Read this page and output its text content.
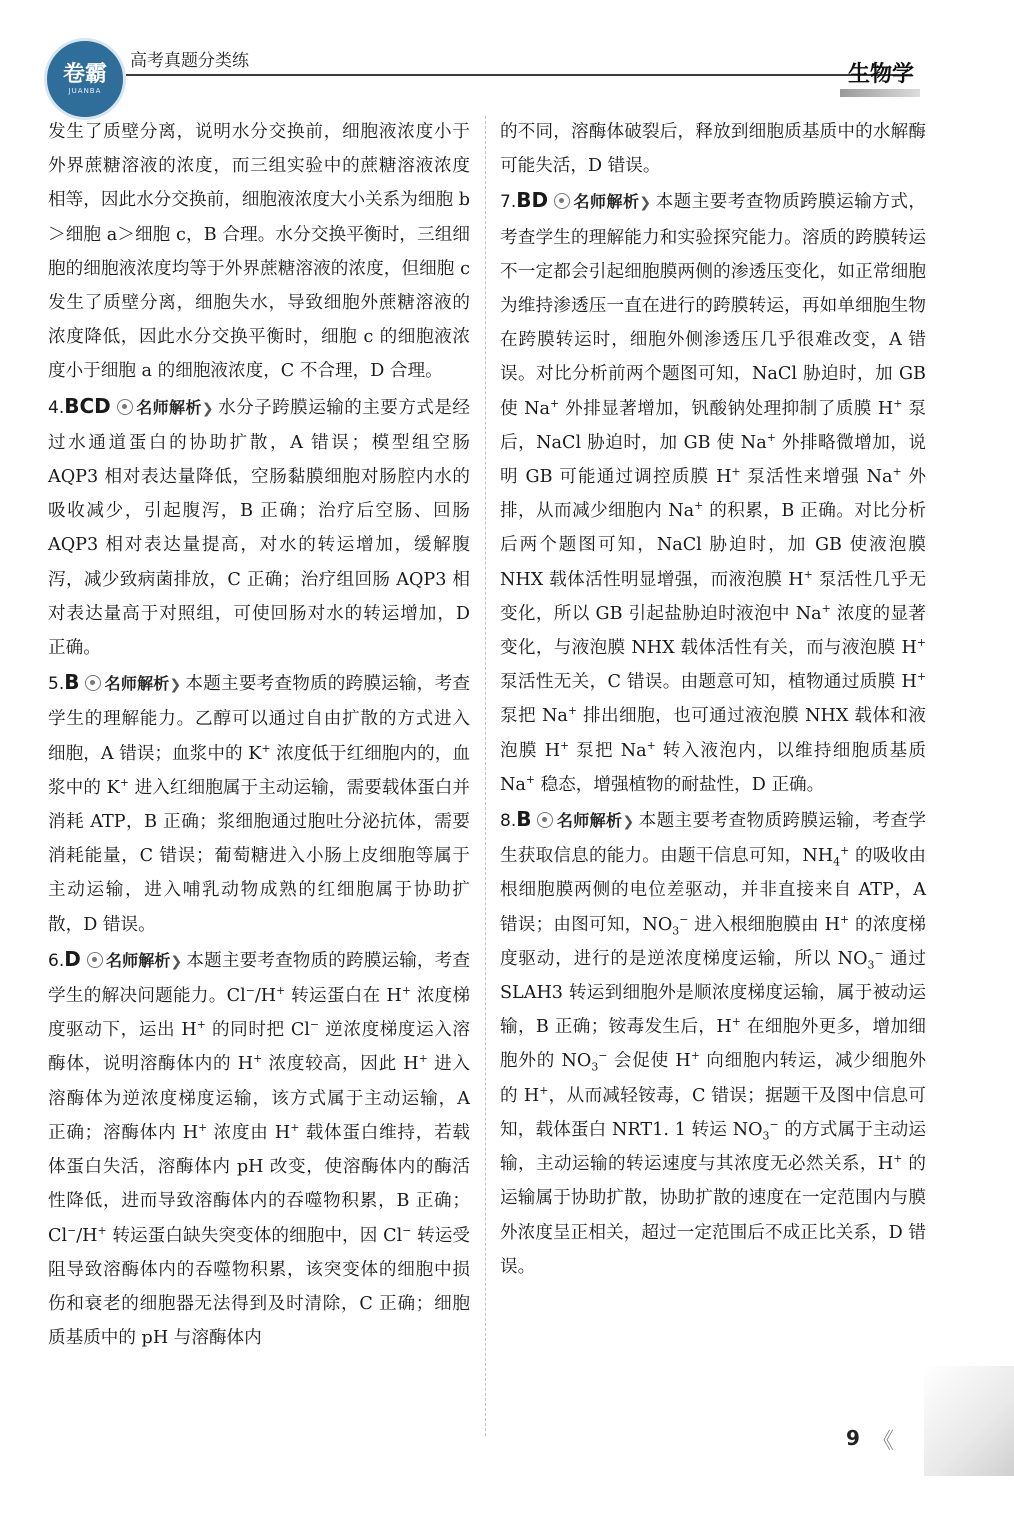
卷霸
JUANBA
高考真题分类练
生物学

发生了质壁分离，说明水分交换前，细胞液浓度小于外界蔗糖溶液的浓度，而三组实验中的蔗糖溶液浓度相等，因此水分交换前，细胞液浓度大小关系为细胞 b＞细胞 a＞细胞 c，B 合理。水分交换平衡时，三组细胞的细胞液浓度均等于外界蔗糖溶液的浓度，但细胞 c 发生了质壁分离，细胞失水，导致细胞外蔗糖溶液的浓度降低，因此水分交换平衡时，细胞 c 的细胞液浓度小于细胞 a 的细胞液浓度，C 不合理，D 合理。

4.BCD 名师解析❯ 水分子跨膜运输的主要方式是经过水通道蛋白的协助扩散，A 错误；模型组空肠 AQP3 相对表达量降低，空肠黏膜细胞对肠腔内水的吸收减少，引起腹泻，B 正确；治疗后空肠、回肠 AQP3 相对表达量提高，对水的转运增加，缓解腹泻，减少致病菌排放，C 正确；治疗组回肠 AQP3 相对表达量高于对照组，可使回肠对水的转运增加，D 正确。

5.B 名师解析❯ 本题主要考查物质的跨膜运输，考查学生的理解能力。乙醇可以通过自由扩散的方式进入细胞，A 错误；血浆中的 K+ 浓度低于红细胞内的，血浆中的 K+ 进入红细胞属于主动运输，需要载体蛋白并消耗 ATP，B 正确；浆细胞通过胞吐分泌抗体，需要消耗能量，C 错误；葡萄糖进入小肠上皮细胞等属于主动运输，进入哺乳动物成熟的红细胞属于协助扩散，D 错误。

6.D 名师解析❯ 本题主要考查物质的跨膜运输，考查学生的解决问题能力。Cl−/H+ 转运蛋白在 H+ 浓度梯度驱动下，运出 H+ 的同时把 Cl− 逆浓度梯度运入溶酶体，说明溶酶体内的 H+ 浓度较高，因此 H+ 进入溶酶体为逆浓度梯度运输，该方式属于主动运输，A 正确；溶酶体内 H+ 浓度由 H+ 载体蛋白维持，若载体蛋白失活，溶酶体内 pH 改变，使溶酶体内的酶活性降低，进而导致溶酶体内的吞噬物积累，B 正确；Cl−/H+ 转运蛋白缺失突变体的细胞中，因 Cl− 转运受阻导致溶酶体内的吞噬物积累，该突变体的细胞中损伤和衰老的细胞器无法得到及时清除，C 正确；细胞质基质中的 pH 与溶酶体内

的不同，溶酶体破裂后，释放到细胞质基质中的水解酶可能失活，D 错误。

7.BD 名师解析❯ 本题主要考查物质跨膜运输方式，考查学生的理解能力和实验探究能力。溶质的跨膜转运不一定都会引起细胞膜两侧的渗透压变化，如正常细胞为维持渗透压一直在进行的跨膜转运，再如单细胞生物在跨膜转运时，细胞外侧渗透压几乎很难改变，A 错误。对比分析前两个题图可知，NaCl 胁迫时，加 GB 使 Na+ 外排显著增加，钒酸钠处理抑制了质膜 H+ 泵后，NaCl 胁迫时，加 GB 使 Na+ 外排略微增加，说明 GB 可能通过调控质膜 H+ 泵活性来增强 Na+ 外排，从而减少细胞内 Na+ 的积累，B 正确。对比分析后两个题图可知，NaCl 胁迫时，加 GB 使液泡膜 NHX 载体活性明显增强，而液泡膜 H+ 泵活性几乎无变化，所以 GB 引起盐胁迫时液泡中 Na+ 浓度的显著变化，与液泡膜 NHX 载体活性有关，而与液泡膜 H+ 泵活性无关，C 错误。由题意可知，植物通过质膜 H+ 泵把 Na+ 排出细胞，也可通过液泡膜 NHX 载体和液泡膜 H+ 泵把 Na+ 转入液泡内，以维持细胞质基质 Na+ 稳态，增强植物的耐盐性，D 正确。

8.B 名师解析❯ 本题主要考查物质跨膜运输，考查学生获取信息的能力。由题干信息可知，$NH_4^+$ 的吸收由根细胞膜两侧的电位差驱动，并非直接来自 ATP，A 错误；由图可知，$NO_3^-$ 进入根细胞膜由 H+ 的浓度梯度驱动，进行的是逆浓度梯度运输，所以 $NO_3^-$ 通过 SLAH3 转运到细胞外是顺浓度梯度运输，属于被动运输，B 正确；铵毒发生后，H+ 在细胞外更多，增加细胞外的 $NO_3^-$ 会促使 H+ 向细胞内转运，减少细胞外的 H+，从而减轻铵毒，C 错误；据题干及图中信息可知，载体蛋白 NRT1. 1 转运 $NO_3^-$ 的方式属于主动运输，主动运输的转运速度与其浓度无必然关系，H+ 的运输属于协助扩散，协助扩散的速度在一定范围内与膜外浓度呈正相关，超过一定范围后不成正比关系，D 错误。

9 《
